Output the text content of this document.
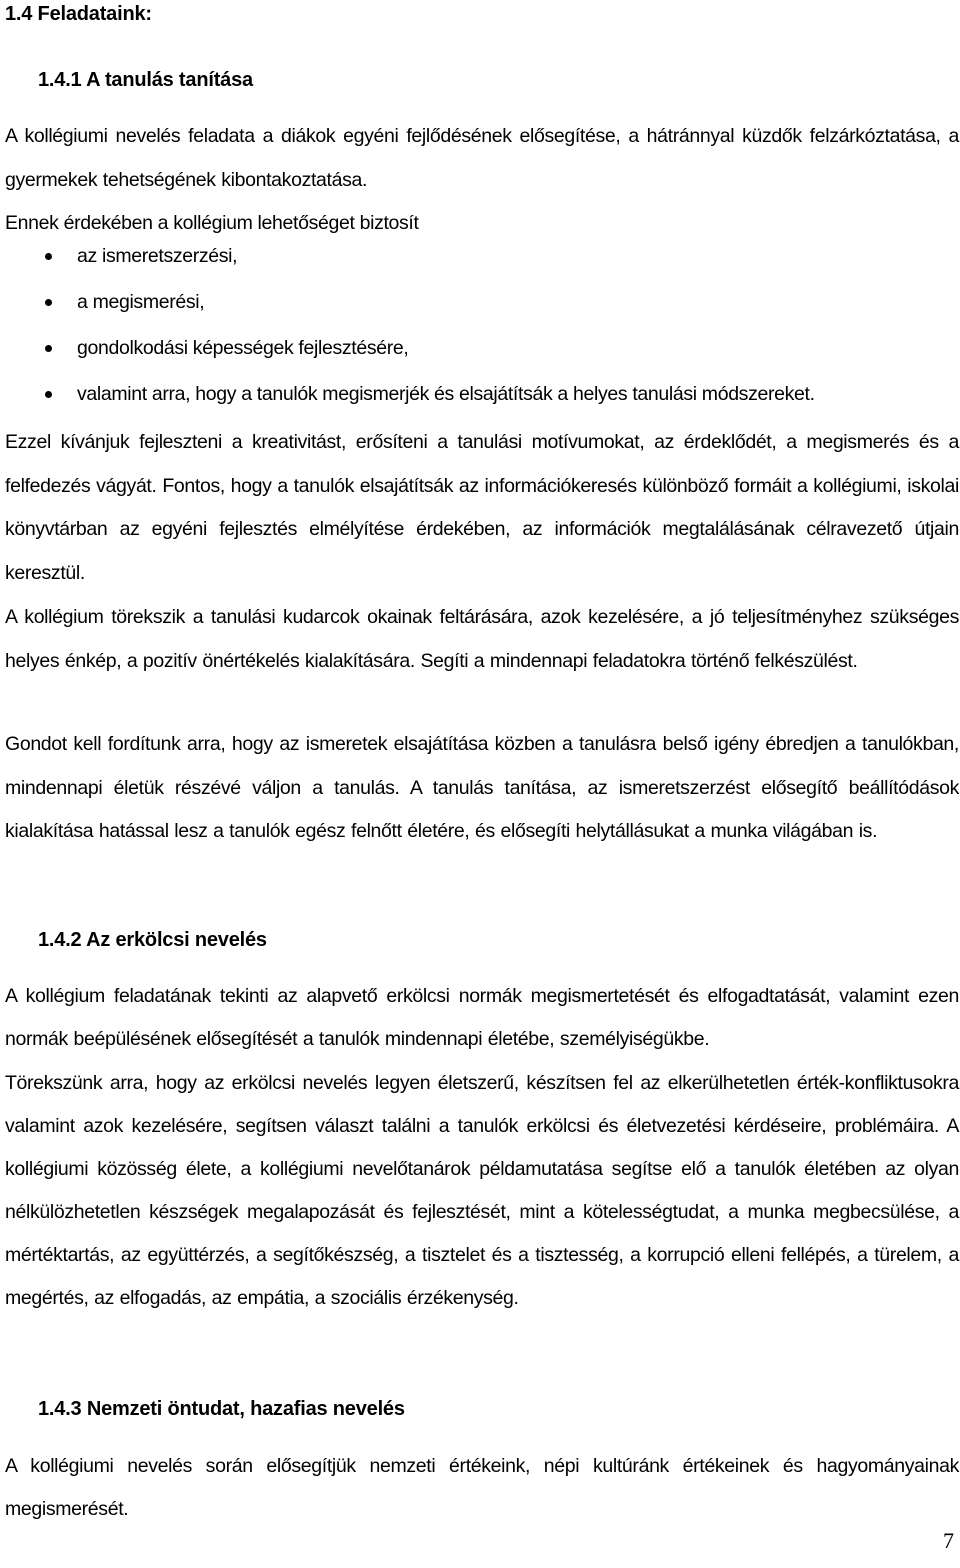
1.4 Feladataink:
1.4.1 A tanulás tanítása
A kollégiumi nevelés feladata a diákok egyéni fejlődésének elősegítése, a hátránnyal küzdők felzárkóztatása, a gyermekek tehetségének kibontakoztatása.
Ennek érdekében a kollégium lehetőséget biztosít
az ismeretszerzési,
a megismerési,
gondolkodási képességek fejlesztésére,
valamint arra, hogy a tanulók megismerjék és elsajátítsák a helyes tanulási módszereket.
Ezzel kívánjuk fejleszteni a kreativitást, erősíteni a tanulási motívumokat, az érdeklődét, a megismerés és a felfedezés vágyát. Fontos, hogy a tanulók elsajátítsák az információkeresés különböző formáit a kollégiumi, iskolai könyvtárban az egyéni fejlesztés elmélyítése érdekében, az információk megtalálásának célravezető útjain keresztül.
A kollégium törekszik a tanulási kudarcok okainak feltárására, azok kezelésére, a jó teljesítményhez szükséges helyes énkép, a pozitív önértékelés kialakítására. Segíti a mindennapi feladatokra történő felkészülést.
Gondot kell fordítunk arra, hogy az ismeretek elsajátítása közben a tanulásra belső igény ébredjen a tanulókban, mindennapi életük részévé váljon a tanulás. A tanulás tanítása, az ismeretszerzést elősegítő beállítódások kialakítása hatással lesz a tanulók egész felnőtt életére, és elősegíti helytállásukat a munka világában is.
1.4.2 Az erkölcsi nevelés
A kollégium feladatának tekinti az alapvető erkölcsi normák megismertetését és elfogadtatását, valamint ezen normák beépülésének elősegítését a tanulók mindennapi életébe, személyiségükbe.
Törekszünk arra, hogy az erkölcsi nevelés legyen életszerű, készítsen fel az elkerülhetetlen érték-konfliktusokra valamint azok kezelésére, segítsen választ találni a tanulók erkölcsi és életvezetési kérdéseire, problémáira. A kollégiumi közösség élete, a kollégiumi nevelőtanárok példamutatása segítse elő a tanulók életében az olyan nélkülözhetetlen készségek megalapozását és fejlesztését, mint a kötelességtudat, a munka megbecsülése, a mértéktartás, az együttérzés, a segítőkészség, a tisztelet és a tisztesség, a korrupció elleni fellépés, a türelem, a megértés, az elfogadás, az empátia, a szociális érzékenység.
1.4.3 Nemzeti öntudat, hazafias nevelés
A kollégiumi nevelés során elősegítjük nemzeti értékeink, népi kultúránk értékeinek és hagyományainak megismerését.
7
